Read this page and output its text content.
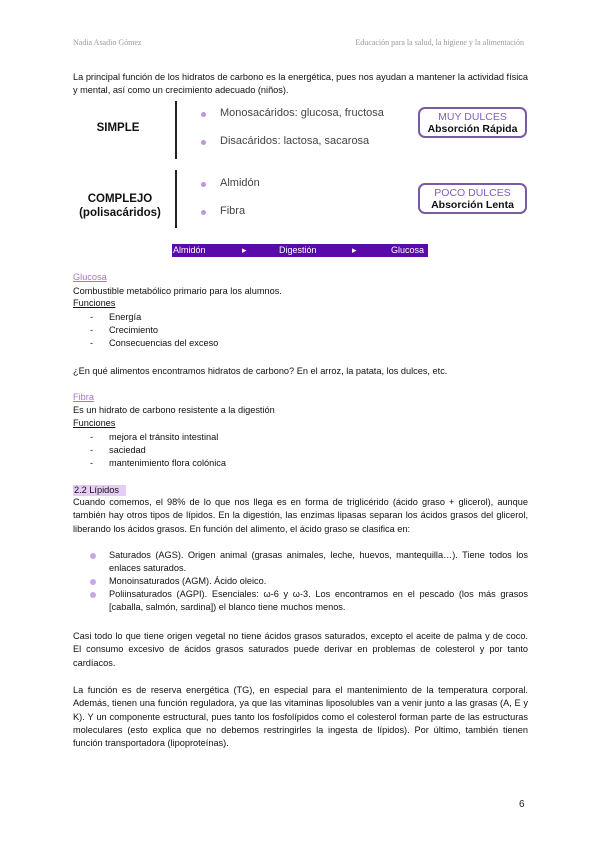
Nadia Asadio Gómez	Educación para la salud, la higiene y la alimentación
La principal función de los hidratos de carbono es la energética, pues nos ayudan a mantener la actividad física y mental, así como un crecimiento adecuado (niños).
SIMPLE
Monosacáridos: glucosa, fructosa
Disacáridos: lactosa, sacarosa
MUY DULCES
Absorción Rápida
COMPLEJO
(polisacáridos)
Almidón
Fibra
POCO DULCES
Absorción Lenta
Almidón	▸	Digestión	▸	Glucosa
Glucosa
Combustible metabólico primario para los alumnos.
Funciones
- Energía
- Crecimiento
- Consecuencias del exceso
¿En qué alimentos encontramos hidratos de carbono? En el arroz, la patata, los dulces, etc.
Fibra
Es un hidrato de carbono resistente a la digestión
Funciones
- mejora el tránsito intestinal
- saciedad
- mantenimiento flora colónica
2.2 Lípidos
Cuando comemos, el 98% de lo que nos llega es en forma de triglicérido (ácido graso + glicerol), aunque también hay otros tipos de lípidos. En la digestión, las enzimas lipasas separan los ácidos grasos del glicerol, liberando los ácidos grasos. En función del alimento, el ácido graso se clasifica en:
Saturados (AGS). Origen animal (grasas animales, leche, huevos, mantequilla…). Tiene todos los enlaces saturados.
Monoinsaturados (AGM). Ácido oleico.
Poliinsaturados (AGPI). Esenciales: ω-6 y ω-3. Los encontramos en el pescado (los más grasos [caballa, salmón, sardina]) el blanco tiene muchos menos.
Casi todo lo que tiene origen vegetal no tiene ácidos grasos saturados, excepto el aceite de palma y de coco. El consumo excesivo de ácidos grasos saturados puede derivar en problemas de colesterol y por tanto cardíacos.
La función es de reserva energética (TG), en especial para el mantenimiento de la temperatura corporal. Además, tienen una función reguladora, ya que las vitaminas liposolubles van a venir junto a las grasas (A, E y K). Y un componente estructural, pues tanto los fosfolípidos como el colesterol forman parte de las estructuras moleculares (esto explica que no debemos restringirles la ingesta de lípidos). Por último, también tienen función transportadora (lipoproteínas).
6
